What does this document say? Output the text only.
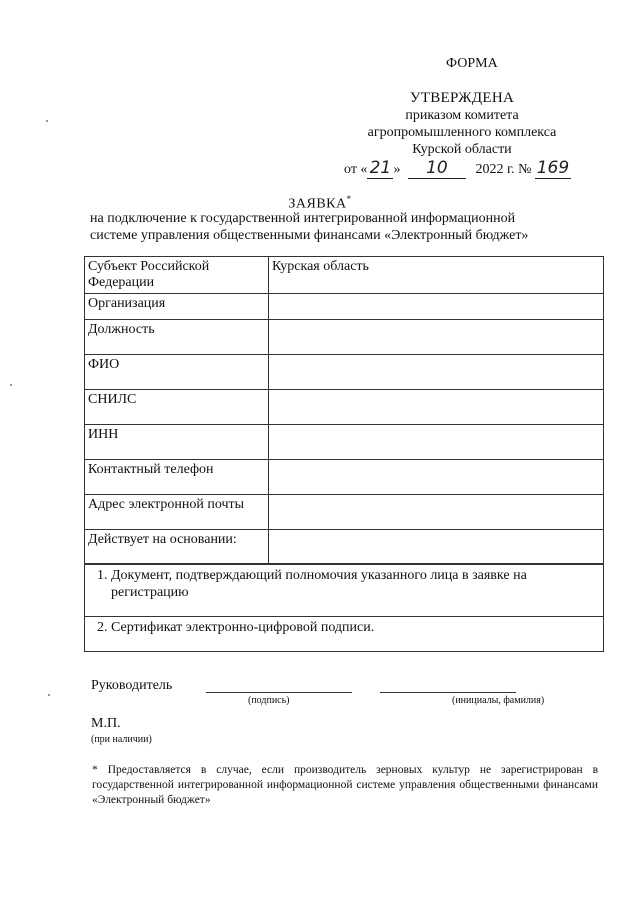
ФОРМА
УТВЕРЖДЕНА
приказом комитета
агропромышленного комплекса
Курской области
от « 21 » 10 2022 г. № 169
ЗАЯВКА*
на подключение к государственной интегрированной информационной
системе управления общественными финансами «Электронный бюджет»
Субъект Российской Федерации	Курская область
Организация	
Должность	
ФИО	
СНИЛС	
ИНН	
Контактный телефон	
Адрес электронной почты	
Действует на основании:	
1. Документ, подтверждающий полномочия указанного лица в заявке на регистрацию
2. Сертификат электронно-цифровой подписи.
Руководитель
(подпись)	(инициалы, фамилия)
М.П.
(при наличии)
* Предоставляется в случае, если производитель зерновых культур не зарегистрирован в государственной интегрированной информационной системе управления общественными финансами «Электронный бюджет»
